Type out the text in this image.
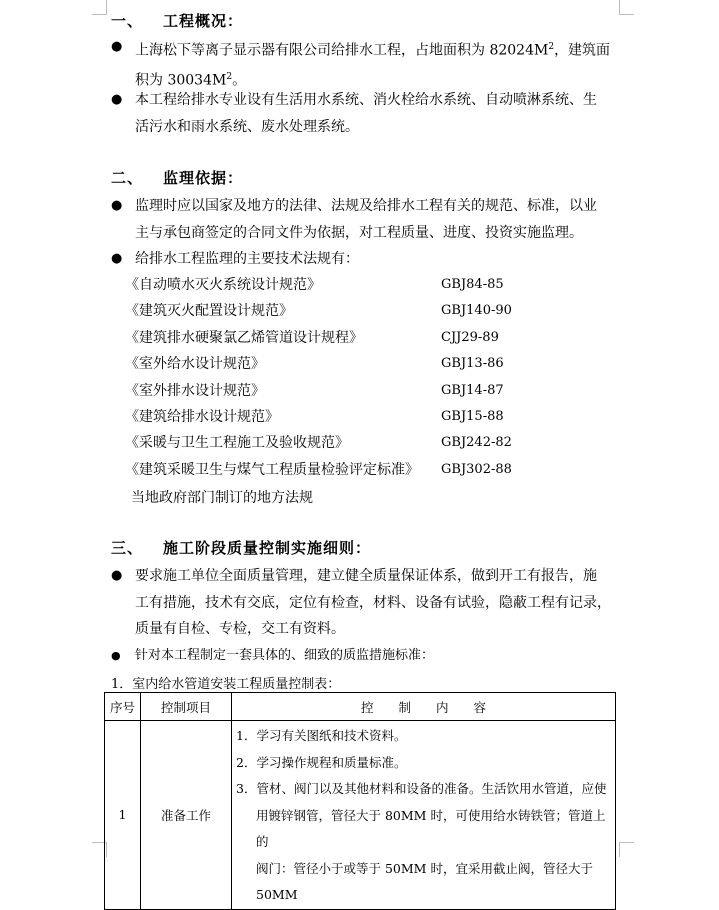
一、 工程概况：
● 上海松下等离子显示器有限公司给排水工程，占地面积为 $82024M^2$，建筑面
积为 $30034M^2$。
● 本工程给排水专业设有生活用水系统、消火栓给水系统、自动喷淋系统、生
活污水和雨水系统、废水处理系统。
二、 监理依据：
● 监理时应以国家及地方的法律、法规及给排水工程有关的规范、标准，以业
主与承包商签定的合同文件为依据，对工程质量、进度、投资实施监理。
● 给排水工程监理的主要技术法规有：
《自动喷水灭火系统设计规范》	GBJ84-85
《建筑灭火配置设计规范》	GBJ140-90
《建筑排水硬聚氯乙烯管道设计规程》	CJJ29-89
《室外给水设计规范》	GBJ13-86
《室外排水设计规范》	GBJ14-87
《建筑给排水设计规范》	GBJ15-88
《采暖与卫生工程施工及验收规范》	GBJ242-82
《建筑采暖卫生与煤气工程质量检验评定标准》 GBJ302-88
当地政府部门制订的地方法规
三、 施工阶段质量控制实施细则：
● 要求施工单位全面质量管理，建立健全质量保证体系，做到开工有报告，施
工有措施，技术有交底，定位有检查，材料、设备有试验，隐蔽工程有记录，
质量有自检、专检，交工有资料。
●	针对本工程制定一套具体的、细致的质监措施标准：
1．室内给水管道安装工程质量控制表：
序号	控制项目	控　　制　　内　　容
1	准备工作	1．学习有关图纸和技术资料。
2．学习操作规程和质量标准。
3．管材、阀门以及其他材料和设备的准备。生活饮用水管道，应使
用镀锌钢管，管径大于 80MM 时，可使用给水铸铁管；管道上的
阀门：管径小于或等于 50MM 时，宜采用截止阀，管径大于 50MM
